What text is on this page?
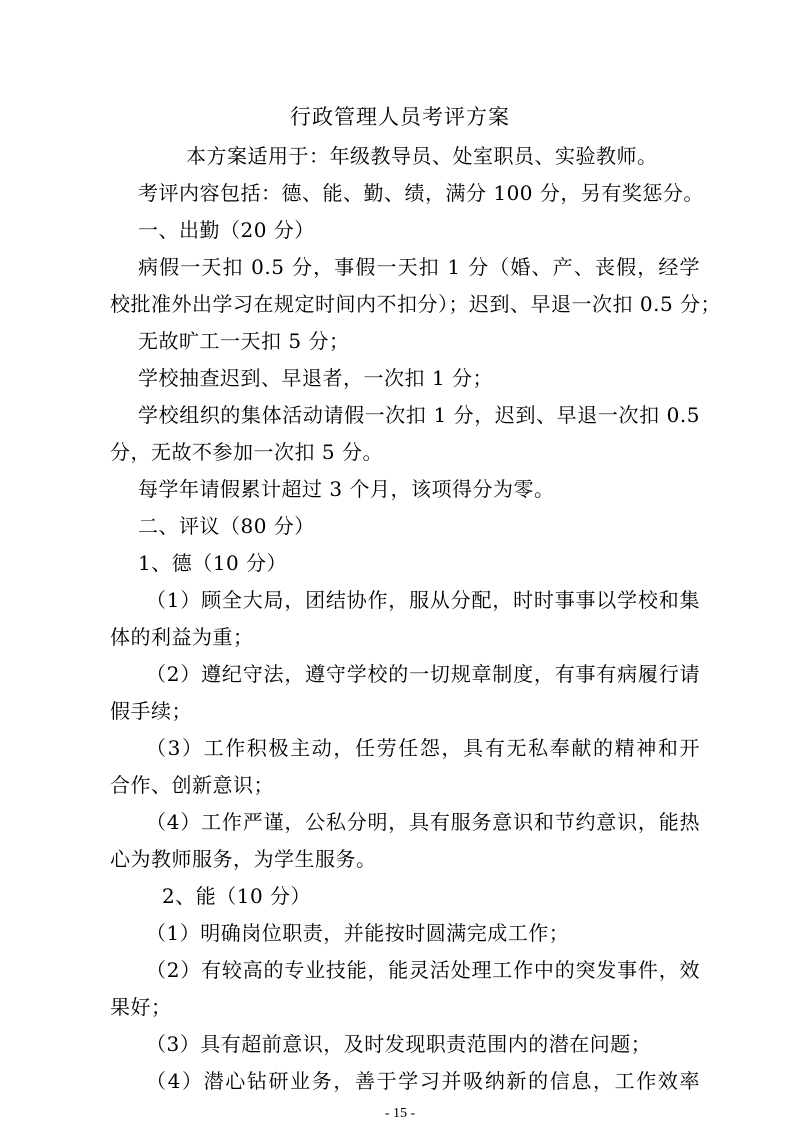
行政管理人员考评方案
本方案适用于：年级教导员、处室职员、实验教师。
考评内容包括：德、能、勤、绩，满分 100 分，另有奖惩分。
一、出勤（20 分）
病假一天扣 0.5 分，事假一天扣 1 分（婚、产、丧假，经学
校批准外出学习在规定时间内不扣分）；迟到、早退一次扣 0.5 分；
无故旷工一天扣 5 分；
学校抽查迟到、早退者，一次扣 1 分；
学校组织的集体活动请假一次扣 1 分，迟到、早退一次扣 0.5
分，无故不参加一次扣 5 分。
每学年请假累计超过 3 个月，该项得分为零。
二、评议（80 分）
1、德（10 分）
（1）顾全大局，团结协作，服从分配，时时事事以学校和集
体的利益为重；
（2）遵纪守法，遵守学校的一切规章制度，有事有病履行请
假手续；
（3）工作积极主动，任劳任怨，具有无私奉献的精神和开
合作、创新意识；
（4）工作严谨，公私分明，具有服务意识和节约意识，能热
心为教师服务，为学生服务。
2、能（10 分）
（1）明确岗位职责，并能按时圆满完成工作；
（2）有较高的专业技能，能灵活处理工作中的突发事件，效
果好；
（3）具有超前意识，及时发现职责范围内的潜在问题；
（4）潜心钻研业务，善于学习并吸纳新的信息，工作效率
- 15 -
